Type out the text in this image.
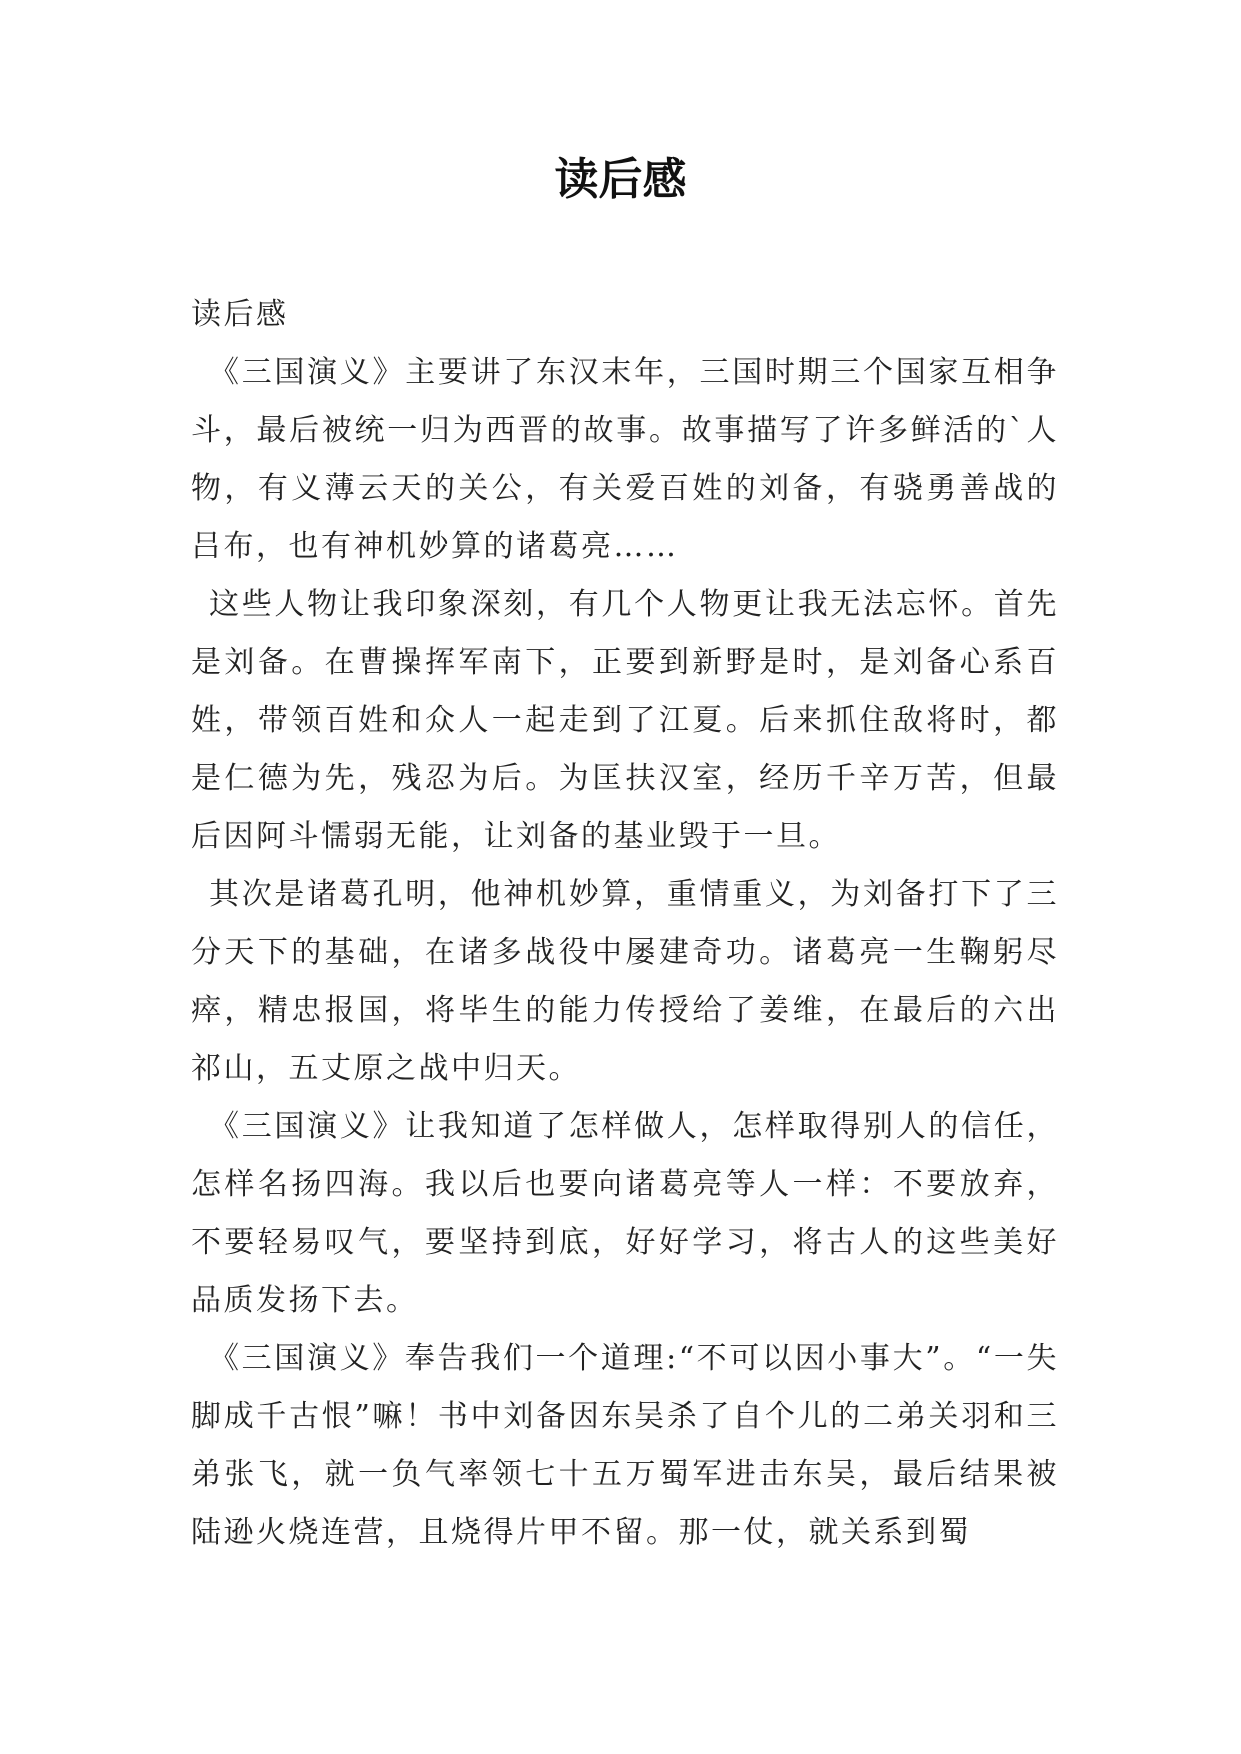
读后感

读后感

《三国演义》主要讲了东汉末年，三国时期三个国家互相争斗，最后被统一归为西晋的故事。故事描写了许多鲜活的`人物，有义薄云天的关公，有关爱百姓的刘备，有骁勇善战的吕布，也有神机妙算的诸葛亮……

这些人物让我印象深刻，有几个人物更让我无法忘怀。首先是刘备。在曹操挥军南下，正要到新野是时，是刘备心系百姓，带领百姓和众人一起走到了江夏。后来抓住敌将时，都是仁德为先，残忍为后。为匡扶汉室，经历千辛万苦，但最后因阿斗懦弱无能，让刘备的基业毁于一旦。

其次是诸葛孔明，他神机妙算，重情重义，为刘备打下了三分天下的基础，在诸多战役中屡建奇功。诸葛亮一生鞠躬尽瘁，精忠报国，将毕生的能力传授给了姜维，在最后的六出祁山，五丈原之战中归天。

《三国演义》让我知道了怎样做人，怎样取得别人的信任，怎样名扬四海。我以后也要向诸葛亮等人一样：不要放弃，不要轻易叹气，要坚持到底，好好学习，将古人的这些美好品质发扬下去。

《三国演义》奉告我们一个道理:“不可以因小事大”。“一失脚成千古恨”嘛！书中刘备因东吴杀了自个儿的二弟关羽和三弟张飞，就一负气率领七十五万蜀军进击东吴，最后结果被陆逊火烧连营，且烧得片甲不留。那一仗，就关系到蜀
